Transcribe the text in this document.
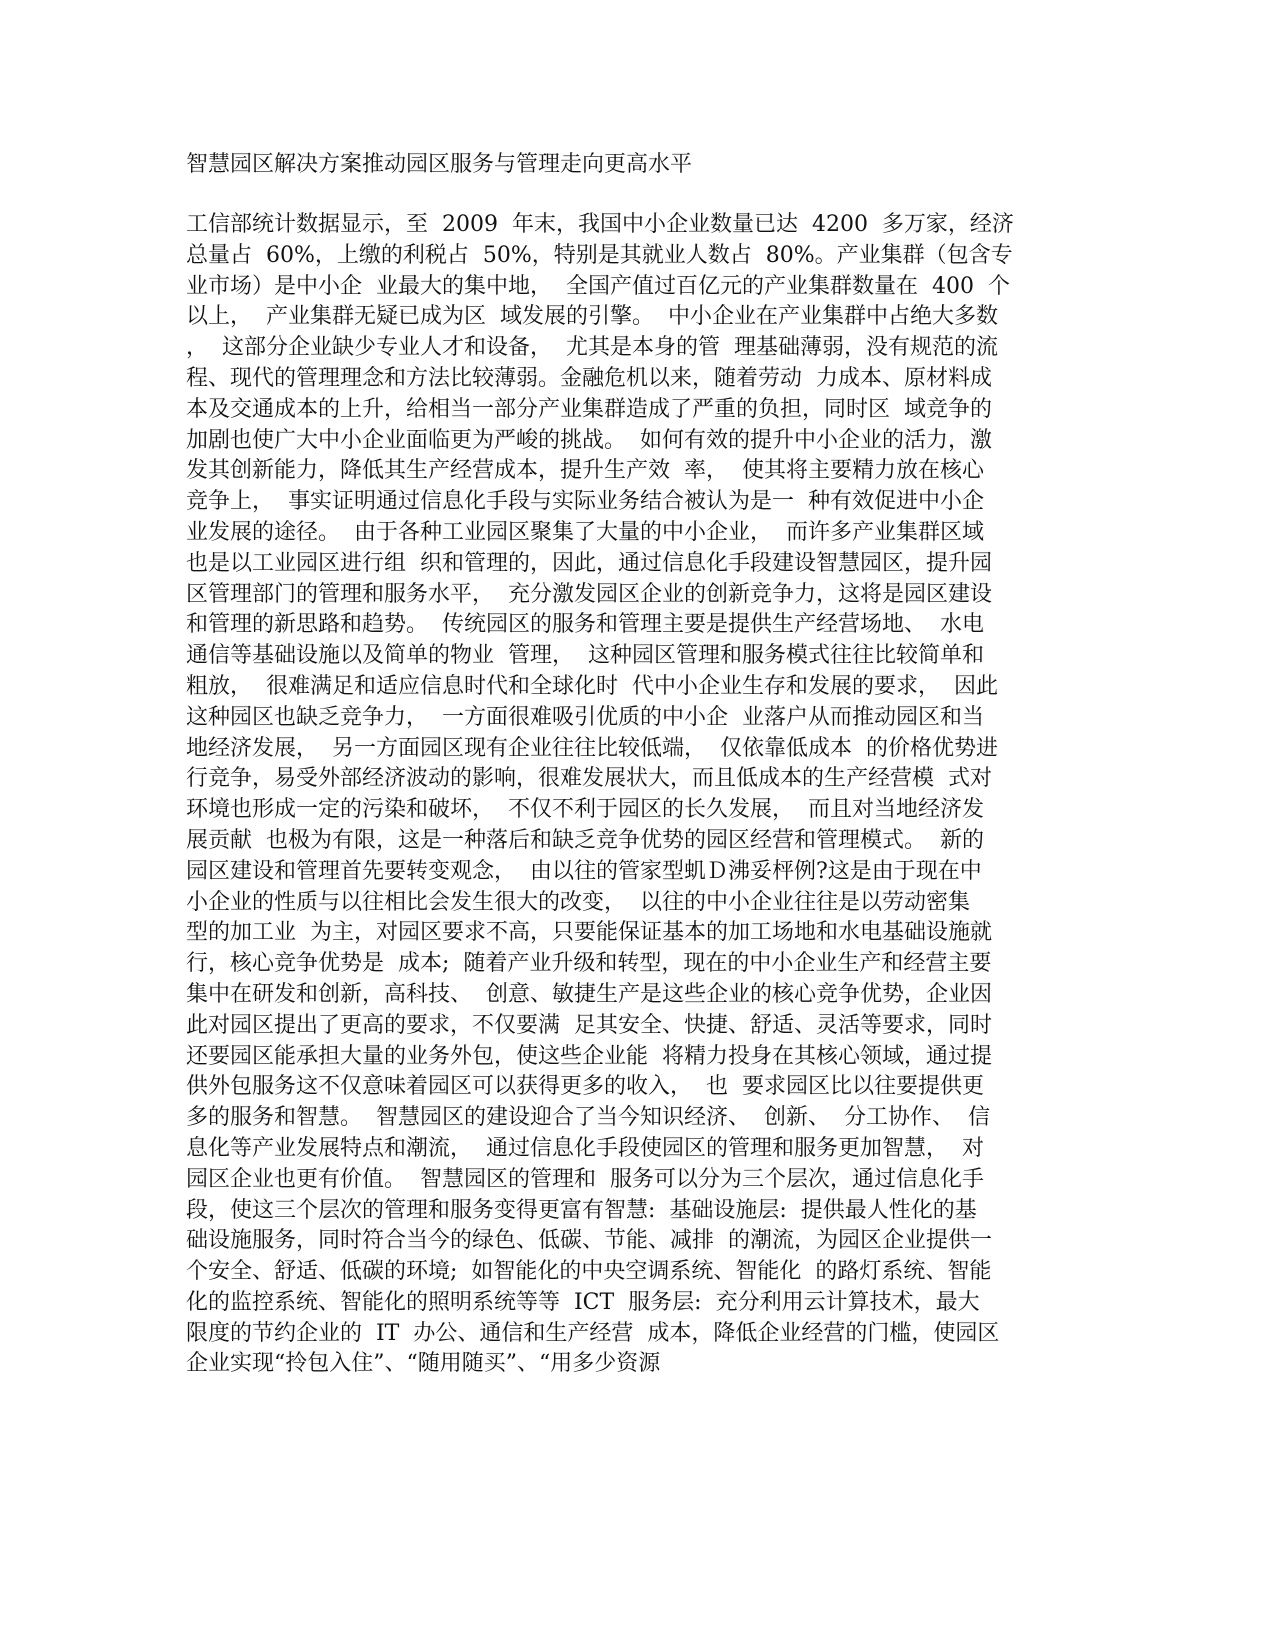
智慧园区解决方案推动园区服务与管理走向更高水平
工信部统计数据显示，至  2009  年末，我国中小企业数量已达  4200  多万家，经济
总量占  60%，上缴的利税占  50%，特别是其就业人数占  80%。产业集群（包含专
业市场）是中小企  业最大的集中地，  全国产值过百亿元的产业集群数量在  400  个
以上，  产业集群无疑已成为区  域发展的引擎。  中小企业在产业集群中占绝大多数
，  这部分企业缺少专业人才和设备，  尤其是本身的管  理基础薄弱，没有规范的流
程、现代的管理理念和方法比较薄弱。金融危机以来，随着劳动  力成本、原材料成
本及交通成本的上升，给相当一部分产业集群造成了严重的负担，同时区  域竞争的
加剧也使广大中小企业面临更为严峻的挑战。  如何有效的提升中小企业的活力，激
发其创新能力，降低其生产经营成本，提升生产效  率，  使其将主要精力放在核心
竞争上，  事实证明通过信息化手段与实际业务结合被认为是一  种有效促进中小企
业发展的途径。  由于各种工业园区聚集了大量的中小企业，  而许多产业集群区域
也是以工业园区进行组  织和管理的，因此，通过信息化手段建设智慧园区，提升园
区管理部门的管理和服务水平，  充分激发园区企业的创新竞争力，这将是园区建设
和管理的新思路和趋势。  传统园区的服务和管理主要是提供生产经营场地、  水电
通信等基础设施以及简单的物业  管理，  这种园区管理和服务模式往往比较简单和
粗放，  很难满足和适应信息时代和全球化时  代中小企业生存和发展的要求，  因此
这种园区也缺乏竞争力，  一方面很难吸引优质的中小企  业落户从而推动园区和当
地经济发展，  另一方面园区现有企业往往比较低端，  仅依靠低成本  的价格优势进
行竞争，易受外部经济波动的影响，很难发展状大，而且低成本的生产经营模  式对
环境也形成一定的污染和破坏，  不仅不利于园区的长久发展，  而且对当地经济发
展贡献  也极为有限，这是一种落后和缺乏竞争优势的园区经营和管理模式。  新的
园区建设和管理首先要转变观念，  由以往的管家型虮Ｄ沸妥枰例?这是由于现在中
小企业的性质与以往相比会发生很大的改变，  以往的中小企业往往是以劳动密集
型的加工业  为主，对园区要求不高，只要能保证基本的加工场地和水电基础设施就
行，核心竞争优势是  成本;  随着产业升级和转型，现在的中小企业生产和经营主要
集中在研发和创新，高科技、  创意、敏捷生产是这些企业的核心竞争优势，企业因
此对园区提出了更高的要求，不仅要满  足其安全、快捷、舒适、灵活等要求，同时
还要园区能承担大量的业务外包，使这些企业能  将精力投身在其核心领域，通过提
供外包服务这不仅意味着园区可以获得更多的收入，  也  要求园区比以往要提供更
多的服务和智慧。  智慧园区的建设迎合了当今知识经济、  创新、  分工协作、  信
息化等产业发展特点和潮流，  通过信息化手段使园区的管理和服务更加智慧，  对
园区企业也更有价值。  智慧园区的管理和  服务可以分为三个层次，通过信息化手
段，使这三个层次的管理和服务变得更富有智慧:  基础设施层:  提供最人性化的基
础设施服务，同时符合当今的绿色、低碳、节能、减排  的潮流，为园区企业提供一
个安全、舒适、低碳的环境;  如智能化的中央空调系统、智能化  的路灯系统、智能
化的监控系统、智能化的照明系统等等  ICT  服务层:  充分利用云计算技术，最大
限度的节约企业的  IT  办公、通信和生产经营  成本，降低企业经营的门槛，使园区
企业实现“拎包入住”、“随用随买”、“用多少资源
